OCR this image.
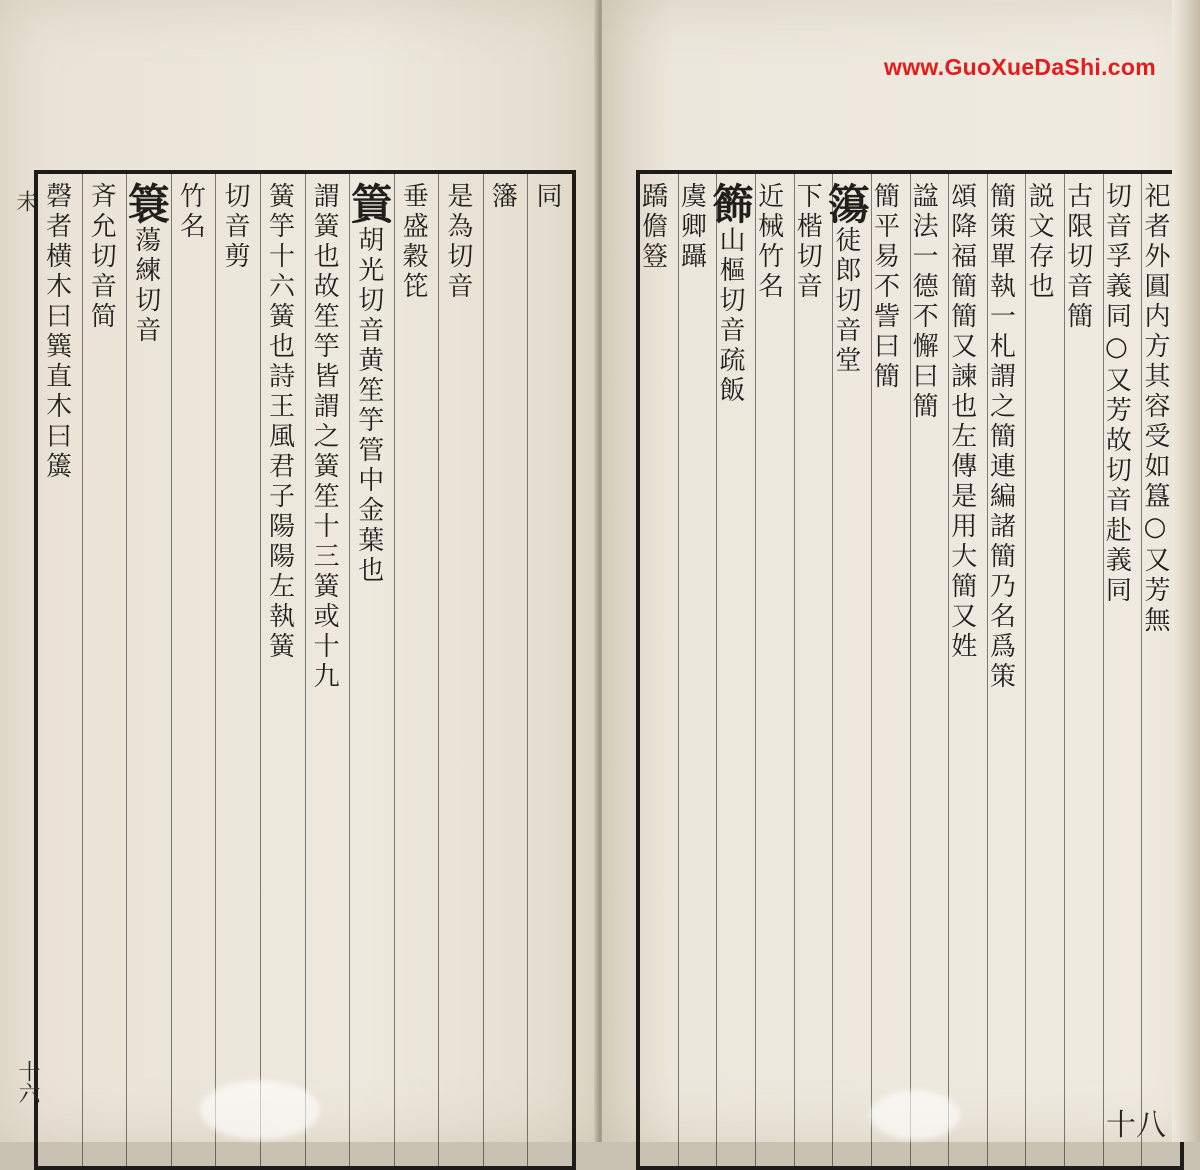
未	同
籓
是為切音
垂盛穀笓
篢胡光切音黄笙竽管中金葉也
謂簧也故笙竽皆謂之簧笙十三簧或十九
簧竽十六簧也詩王風君子陽陽左執簧
切音剪
竹名
簑蕩練切音
斉允切音简
磬者横木曰簨直木曰簴
十六
祀者外圓内方其容受如簋○又芳無
切音孚義同○又芳故切音赴義同
古限切音簡
説文存也
簡策單執一札謂之簡連編諸簡乃名爲策
頌降福簡簡又諫也左傳是用大簡又姓
諡法一德不懈曰簡
簡平易不訾曰簡
簜徒郎切音堂
下楷切音
近械竹名
籂山樞切音疏飯
虞卿躡
蹻儋簦
十八
www.GuoXueDaShi.com
